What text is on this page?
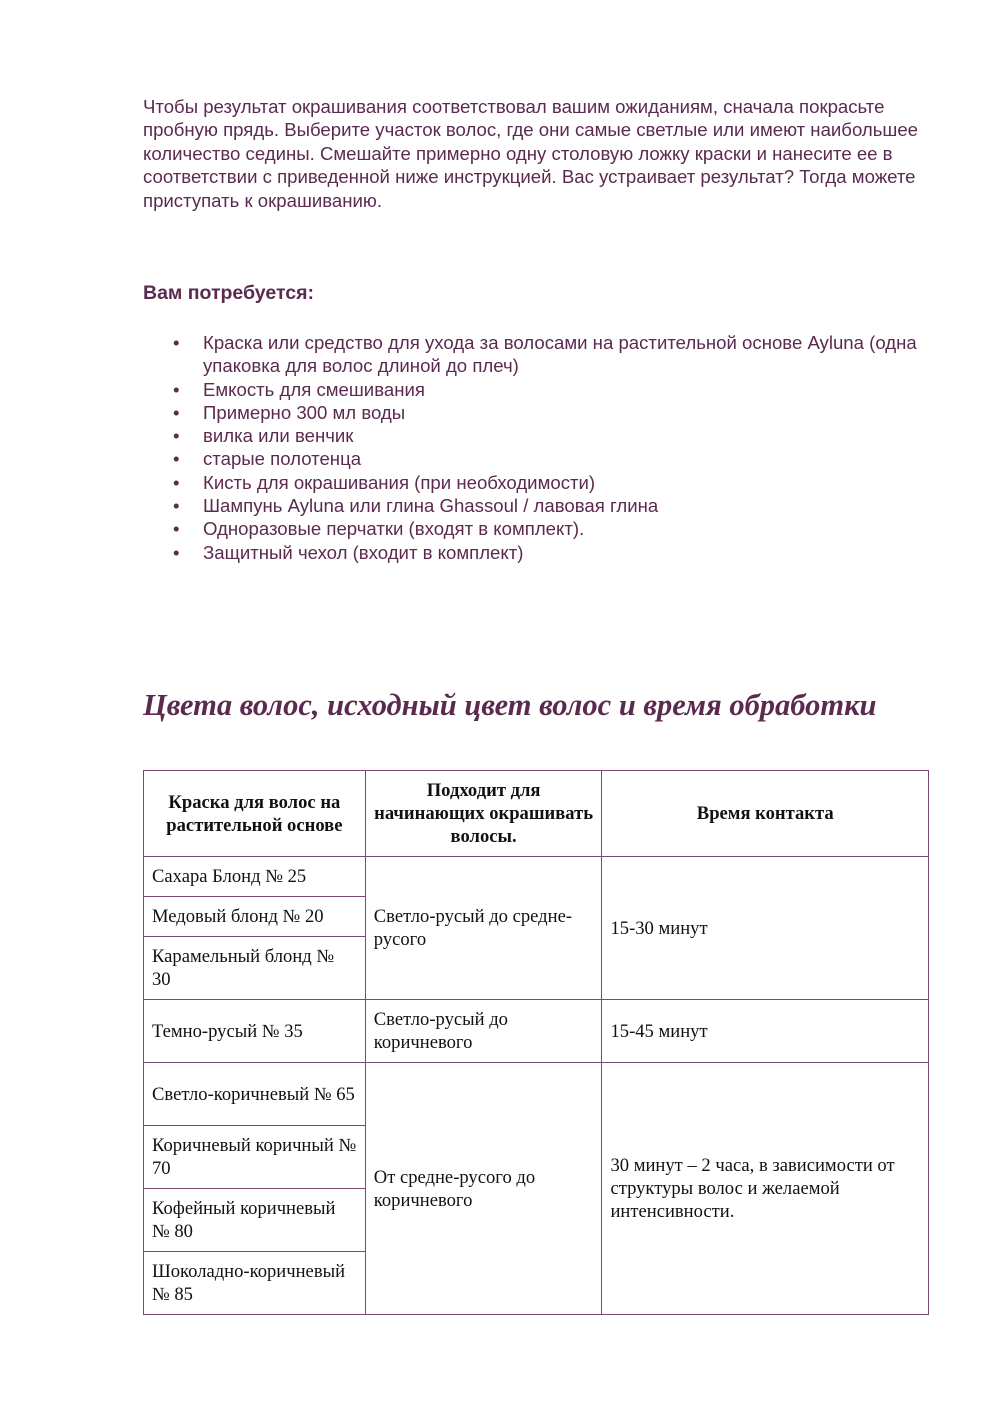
Чтобы результат окрашивания соответствовал вашим ожиданиям, сначала покрасьте пробную прядь. Выберите участок волос, где они самые светлые или имеют наибольшее количество седины. Смешайте примерно одну столовую ложку краски и нанесите ее в соответствии с приведенной ниже инструкцией. Вас устраивает результат? Тогда можете приступать к окрашиванию.

Вам потребуется:
• Краска или средство для ухода за волосами на растительной основе Ayluna (одна упаковка для волос длиной до плеч)
• Емкость для смешивания
• Примерно 300 мл воды
• вилка или венчик
• старые полотенца
• Кисть для окрашивания (при необходимости)
• Шампунь Ayluna или глина Ghassoul / лавовая глина
• Одноразовые перчатки (входят в комплект).
• Защитный чехол (входит в комплект)
Цвета волос, исходный цвет волос и время обработки
Краска для волос на растительной основе	Подходит для начинающих окрашивать волосы.	Время контакта
Сахара Блонд № 25	Светло-русый до средне-русого	15-30 минут
Медовый блонд № 20		
Карамельный блонд № 30		
Темно-русый № 35	Светло-русый до коричневого	15-45 минут
Светло-коричневый № 65	От средне-русого до коричневого	30 минут – 2 часа, в зависимости от структуры волос и желаемой интенсивности.
Коричневый коричный № 70		
Кофейный коричневый № 80		
Шоколадно-коричневый № 85		
